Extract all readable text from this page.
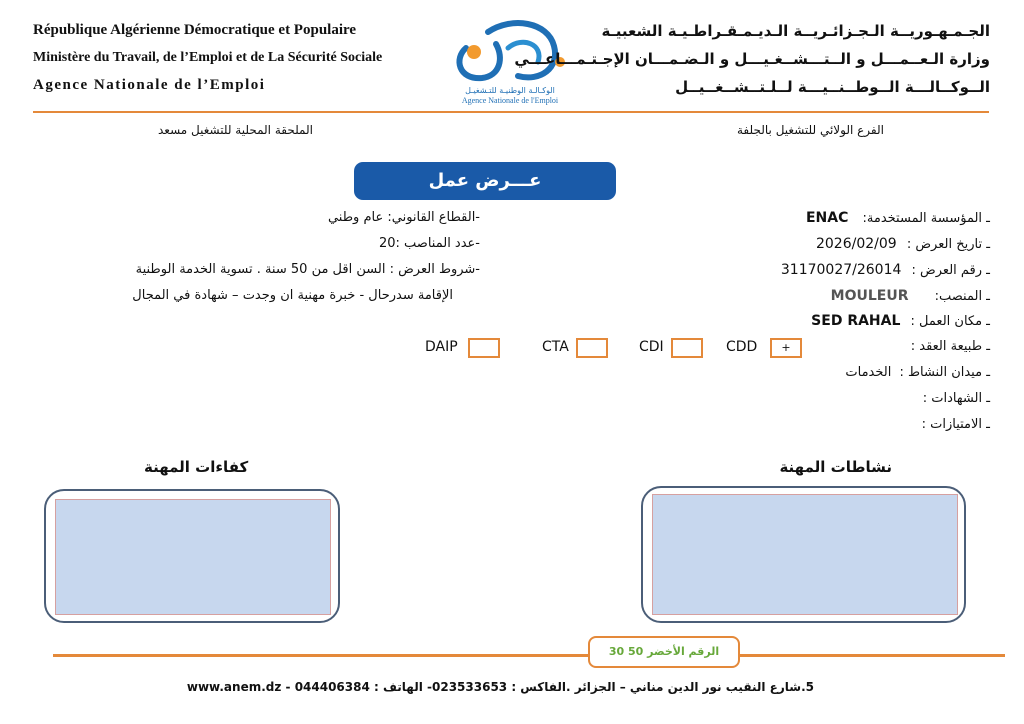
République Algérienne Démocratique et Populaire
Ministère du Travail, de l’Emploi et de La Sécurité Sociale
Agence Nationale de l’Emploi	الوكـالـة الوطنيـة للتـشغيـل
Agence Nationale de l'Emploi
الجـمـهـوريــة الـجـزائـريــة الـديـمـقـراطـيـة الشعبيـة
وزارة الـعــمـــل و الــتـــشــغـيـــل و الـضـمـــان الإجـتـمـــاعـــي
الــوكــالـــة الــوطــنــيـــة لــلـتــشــغــيــل
الفرع الولائي للتشغيل بالجلفة
الملحقة المحلية للتشغيل مسعد
عـــرض عمل
ـ المؤسسة المستخدمة: ENAC
ـ تاريخ العرض : 2026/02/09
ـ رقم العرض : 31170027/26014
ـ المنصب: MOULEUR
ـ مكان العمل : SED RAHAL
ـ طبيعة العقد :
+
CDD
CDI
CTA
DAIP
ـ ميدان النشاط : الخدمات
ـ الشهادات :
ـ الامتيازات :
-القطاع القانوني: عام وطني
-عدد المناصب :20
-شروط العرض : السن اقل من 50 سنة . تسوية الخدمة الوطنية
الإقامة سدرحال - خبرة مهنية ان وجدت – شهادة في المجال
نشاطات المهنة
كفاءات المهنة
الرقم الأخضر 50 30
5.شارع النقيب نور الدين مناني – الجزائر .الفاكس : 023533653- الهاتف : 044406384 - www.anem.dz
